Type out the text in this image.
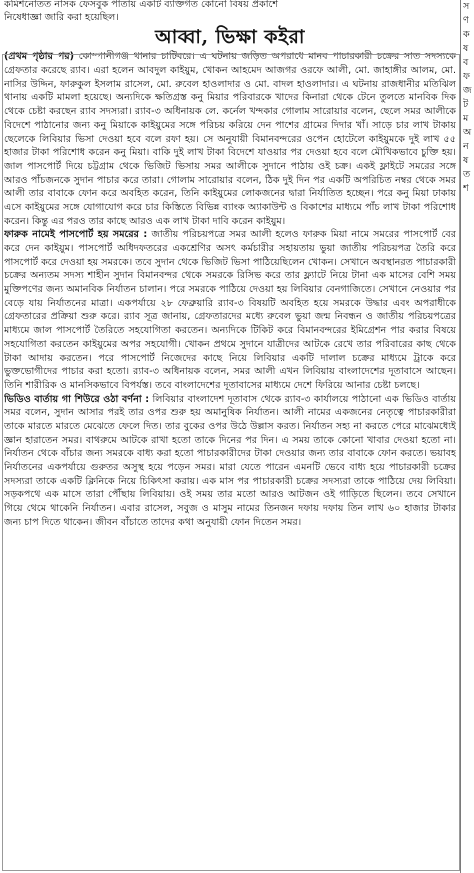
কমিশনোতত নাসক ফেসবুক পাতায় একটি ব্যক্তিগত কোনো বিষয় প্রকাশে
নিষেধাজ্ঞা জারি করা হয়েছিল।
আব্বা, ভিক্ষা কইরা

(প্রথম পৃষ্ঠার পর) কোম্পানীগঞ্জ থানার চাটিবরে। এ ঘটনায় জড়িত অপরাধে মানব পাচারকারী চক্রের সাত সদস্যকে গ্রেফতার করেছে র‍্যাব। এরা হলেন আবদুল কাইয়ুম, খোকন আহমেদ আজগর ওরফে আলী, মো. জাহাঙ্গীর আলম, মো. নাসির উদ্দিন, ফারুকুল ইসলাম রাসেল, মো. রুবেল হাওলাদার ও মো. বাদল হাওলাদার। এ ঘটনায় রাজধানীর মতিঝিল থানায় একটি মামলা হয়েছে। অন্যদিকে ক্ষতিগ্রস্ত কনু মিয়ার পরিবারকে খাদের কিনারা থেকে টেনে তুলতে মানবিক দিক থেকে চেষ্টা করছেন র‍্যাব সদস্যরা। র‍্যাব-৩ অধিনায়ক লে. কর্নেল খন্দকার গোলাম সারোয়ার বলেন, ছেলে সমর আলীকে বিদেশে পাঠানোর জন্য কনু মিয়াকে কাইয়ুমের সঙ্গে পরিচয় করিয়ে দেন পাশের গ্রামের দিদার খাঁ। সাড়ে চার লাখ টাকায় ছেলেকে লিবিয়ার ভিসা দেওয়া হবে বলে রফা হয়। সে অনুযায়ী বিমানবন্দরের ওপেন হোটেলে কাইয়ুমকে দুই লাখ ৫৫ হাজার টাকা পরিশোধ করেন কনু মিয়া। বাকি দুই লাখ টাকা বিদেশে যাওয়ার পর দেওয়া হবে বলে মৌখিকভাবে চুক্তি হয়। জাল পাসপোর্ট দিয়ে চট্টগ্রাম থেকে ভিজিট ভিসায় সমর আলীকে সুদানে পাঠায় ওই চক্র। একই ফ্লাইটে সমরের সঙ্গে আরও পাঁচজনকে সুদান পাচার করে তারা। গোলাম সারোয়ার বলেন, ঠিক দুই দিন পর একটি অপরিচিত নম্বর থেকে সমর আলী তার বাবাকে ফোন করে অবহিত করেন, তিনি কাইয়ুমের লোকজনের দ্বারা নির্যাতিত হচ্ছেন। পরে কনু মিয়া ঢাকায় এসে কাইয়ুমের সঙ্গে যোগাযোগ করে চার কিস্তিতে বিভিন্ন ব্যাংক অ্যাকাউন্ট ও বিকাশের মাধ্যমে পাঁচ লাখ টাকা পরিশোধ করেন। কিন্তু এর পরও তার কাছে আরও এক লাখ টাকা দাবি করেন কাইয়ুম।

ফারুক নামেই পাসপোর্ট হয় সমরের : জাতীয় পরিচয়পত্রে সমর আলী হলেও ফারুক মিয়া নামে সমরের পাসপোর্ট বের করে দেন কাইয়ুম। পাসপোর্ট অধিদফতরের একশ্রেণির অসৎ কর্মচারীর সহায়তায় ভুয়া জাতীয় পরিচয়পত্র তৈরি করে পাসপোর্ট করে দেওয়া হয় সমরকে। তবে সুদান থেকে ভিজিট ভিসা পাঠিয়েছিলেন খোকন। সেখানে অবস্থানরত পাচারকারী চক্রের অন্যতম সদস্য শাহীন সুদান বিমানবন্দর থেকে সমরকে রিসিভ করে তার ফ্ল্যাটে নিয়ে টানা এক মাসের বেশি সময় মুক্তিপণের জন্য অমানবিক নির্যাতন চালান। পরে সমরকে পাঠিয়ে দেওয়া হয় লিবিয়ার বেনগাজিতে। সেখানে নেওয়ার পর বেড়ে যায় নির্যাতনের মাত্রা। একপর্যায়ে ২৮ ফেব্রুয়ারি র‍্যাব-৩ বিষয়টি অবহিত হয়ে সমরকে উদ্ধার এবং অপরাধীকে গ্রেফতারের প্রক্রিয়া শুরু করে। র‍্যাব সূত্র জানায়, গ্রেফতারদের মধ্যে রুবেল ভুয়া জন্ম নিবন্ধন ও জাতীয় পরিচয়পত্রের মাধ্যমে জাল পাসপোর্ট তৈরিতে সহযোগিতা করতেন। অন্যদিকে টিকিট করে বিমানবন্দরের ইমিগ্রেশন পার করার বিষয়ে সহযোগিতা করতেন কাইয়ুমের অপর সহযোগী। খোকন প্রথমে সুদানে যাত্রীদের আটকে রেখে তার পরিবারের কাছ থেকে টাকা আদায় করতেন। পরে পাসপোর্ট নিজেদের কাছে নিয়ে লিবিয়ার একটি দালাল চক্রের মাধ্যমে ট্রাকে করে ভুক্তভোগীদের পাচার করা হতো। র‍্যাব-৩ অধিনায়ক বলেন, সমর আলী এখন লিবিয়ায় বাংলাদেশের দূতাবাসে আছেন। তিনি শারীরিক ও মানসিকভাবে বিপর্যস্ত। তবে বাংলাদেশের দূতাবাসের মাধ্যমে দেশে ফিরিয়ে আনার চেষ্টা চলছে।

ভিডিও বার্তায় গা শিউরে ওঠা বর্ণনা : লিবিয়ার বাংলাদেশ দূতাবাস থেকে র‍্যাব-৩ কার্যালয়ে পাঠানো এক ভিডিও বার্তায় সমর বলেন, সুদান আসার পরই তার ওপর শুরু হয় অমানুষিক নির্যাতন। আলী নামের একজনের নেতৃত্বে পাচারকারীরা তাকে মারতে মারতে মেঝেতে ফেলে দিত। তার বুকের ওপর উঠে উল্লাস করত। নির্যাতন সহ্য না করতে পেরে মাঝেমধ্যেই জ্ঞান হারাতেন সমর। বাথরুমে আটকে রাখা হতো তাকে দিনের পর দিন। এ সময় তাকে কোনো খাবার দেওয়া হতো না। নির্যাতন থেকে বাঁচার জন্য সমরকে বাধ্য করা হতো পাচারকারীদের টাকা দেওয়ার জন্য তার বাবাকে ফোন করতে। ভয়াবহ নির্যাতনের একপর্যায়ে গুরুতর অসুস্থ হয়ে পড়েন সমর। মারা যেতে পারেন এমনটি ভেবে বাধ্য হয়ে পাচারকারী চক্রের সদস্যরা তাকে একটি ক্লিনিকে নিয়ে চিকিৎসা করায়। এক মাস পর পাচারকারী চক্রের সদস্যরা তাকে পাঠিয়ে দেয় লিবিয়া। সড়কপথে এক মাসে তারা পৌঁছায় লিবিয়ায়। ওই সময় তার মতো আরও আটজন ওই গাড়িতে ছিলেন। তবে সেখানে গিয়ে থেমে থাকেনি নির্যাতন। এবার রাসেল, সবুজ ও মাসুম নামের তিনজন দফায় দফায় তিন লাখ ৬০ হাজার টাকার জন্য চাপ দিতে থাকেন। জীবন বাঁচাতে তাদের কথা অনুযায়ী ফোন দিতেন সমর।

স
ণ
ক
ষ
ব
ফ
জ
ট
ম
অ
ন
ষ
ত
শ
